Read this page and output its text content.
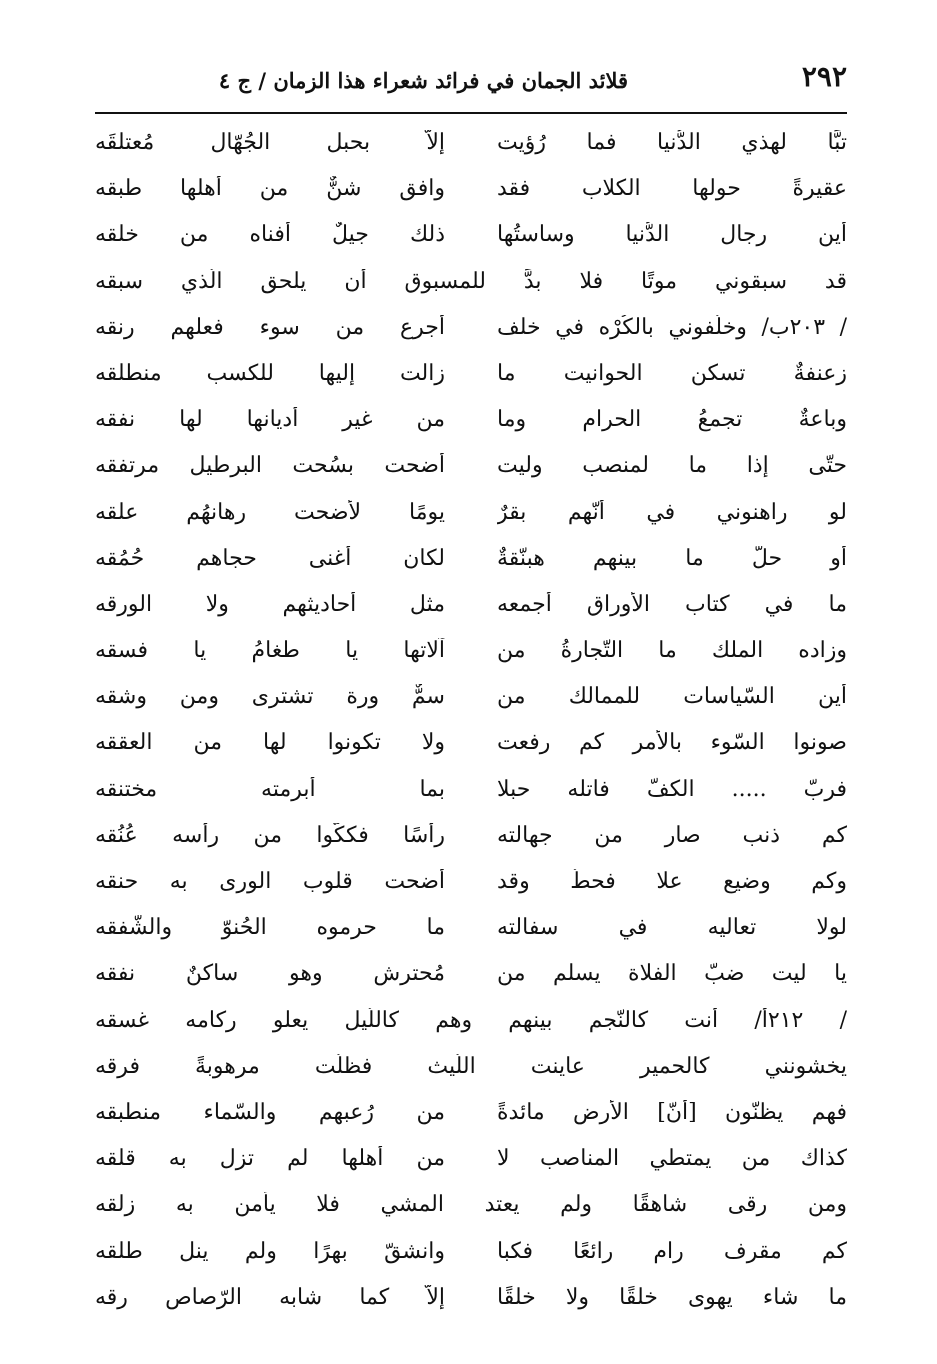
قلائد الجمان في فرائد شعراء هذا الزمان / ج ٤	٢٩٢
تبًّا لهذي الدُّنيا فما رُؤيت
إلاّ بحبل الجُهّال مُعتلقَه
عقيرةً حولها الكلاب فقد
وافق شنٌّ من أهلها طبقه
أين رجال الدُّنيا وساستُها
ذلك جيلٌ أفناه من خلقه
قد سبقوني موتًا فلا بدَّ للمسبوق أن يلحق الّذي سبقه
/ ٢٠٣ب/ وخلّفوني بالكُرْه في خلف
أجرع من سوء فعلهم رنقه
زعنفةٌ تسكن الحوانيت ما
زالت إليها للكسب منطلقه
وباعةٌ تجمعُ الحرام وما
من غير أديانها لها نفقه
حتّى إذا ما لمنصب وليت
أضحت بسُحت البرطيل مرتفقه
لو راهنوني في أنّهم بقرٌ
يومًا لأضحت رهانهُم علقه
أو حلّ ما بينهم هبنّقةٌ
لكان أغنى حجاهم حُمُقه
ما في كتاب الأوراق أجمعه
مثل أحاديثهم ولا الورقه
وزاده الملك ما التّجارةُ من
آلاتها يا طغامُ يا فسقه
أين السّياسات للممالك من
سمٌّ ورة تشترى ومن وشقه
صونوا السّوء بالأمر كم رفعت
ولا تكونوا لها من العققه
فربّ ..... الكفّ فاتله حبلا
بما أبرمته مختنقه
كم ذنب صار من جهالته
رأسًا فككّوا من رأسه عُنُقه
وكم وضيعٍ علا فحطّ وقد
أضحت قلوب الورى به حنقه
لولا تعاليه في سفالته
ما حرموه الحُنوّ والشّفقه
يا ليت ضبّ الفلاة يسلم من
مُحترش وهو ساكنٌ نفقه
/ ٢١٢أ/ أنت كالنّجم بينهم وهم كاللّيل يعلو ركامه غسقه
يخشونني كالحمير عاينت اللّيث فظلّت مرهوبةً فرقه
فهم يظنّون [أنّ] الأرض مائدةً
من رُعبهم والسّماء منطبقه
كذاك من يمتطي المناصب لا
من أهلها لم تزل به قلقه
ومن رقى شاهقًا ولم يعتد المشي فلا يأمن به زلقه
كم مقرف رام رائعًا فكبا
وانشقّ بهرًا ولم ينل طلقه
ما شاء يهوى خلقًا ولا خلقًا
إلاّ كما شابه الرّصاص رقه
